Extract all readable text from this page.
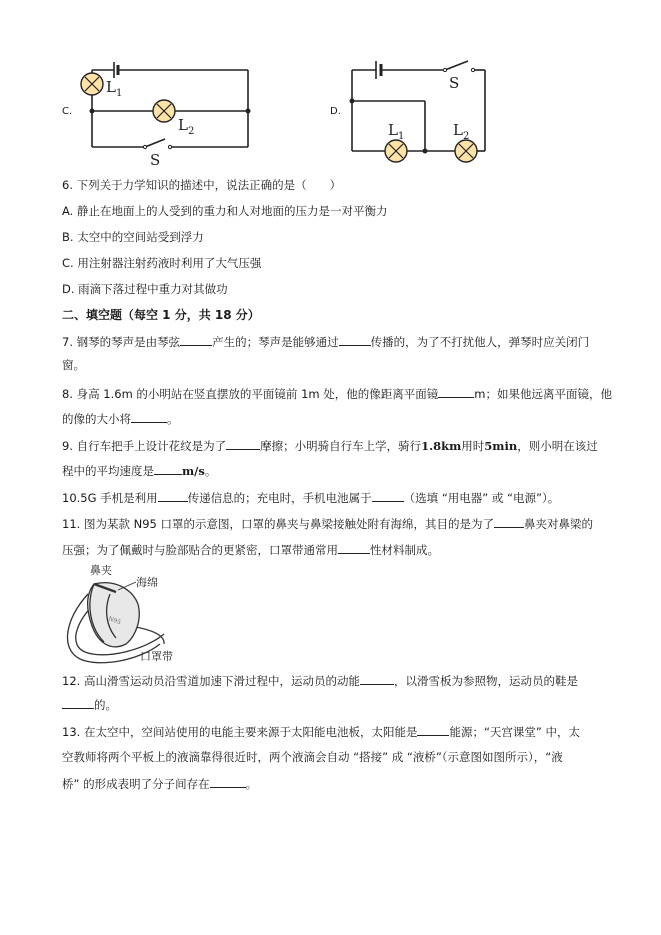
C.
$L_1$
$L_2$
S
D.
S
$L_1$	$L_2$
6. 下列关于力学知识的描述中，说法正确的是（　　）
A. 静止在地面上的人受到的重力和人对地面的压力是一对平衡力
B. 太空中的空间站受到浮力
C. 用注射器注射药液时利用了大气压强
D. 雨滴下落过程中重力对其做功
二、填空题（每空 1 分，共 18 分）
7. 钢琴的琴声是由琴弦	产生的；琴声是能够通过	传播的，为了不打扰他人，弹琴时应关闭门
窗。
8. 身高 1.6m 的小明站在竖直摆放的平面镜前 1m 处，他的像距离平面镜	m；如果他远离平面镜，他
的像的大小将	。
9. 自行车把手上设计花纹是为了	摩擦；小明骑自行车上学，骑行1.8km用时5min，则小明在该过
程中的平均速度是 m/s。
10.5G 手机是利用	传递信息的；充电时，手机电池属于	（选填 “用电器” 或 “电源”）。
11. 图为某款 N95 口罩的示意图，口罩的鼻夹与鼻梁接触处附有海绵，其目的是为了	鼻夹对鼻梁的
压强；为了佩戴时与脸部贴合的更紧密，口罩带通常用	性材料制成。
N95
鼻夹
海绵
口罩带
12. 高山滑雪运动员沿雪道加速下滑过程中，运动员的动能	，以滑雪板为参照物，运动员的鞋是
的。
13. 在太空中，空间站使用的电能主要来源于太阳能电池板，太阳能是	能源；“天宫课堂” 中，太
空教师将两个平板上的液滴靠得很近时，两个液滴会自动 “搭接” 成 “液桥”（示意图如图所示），“液
桥” 的形成表明了分子间存在	。
